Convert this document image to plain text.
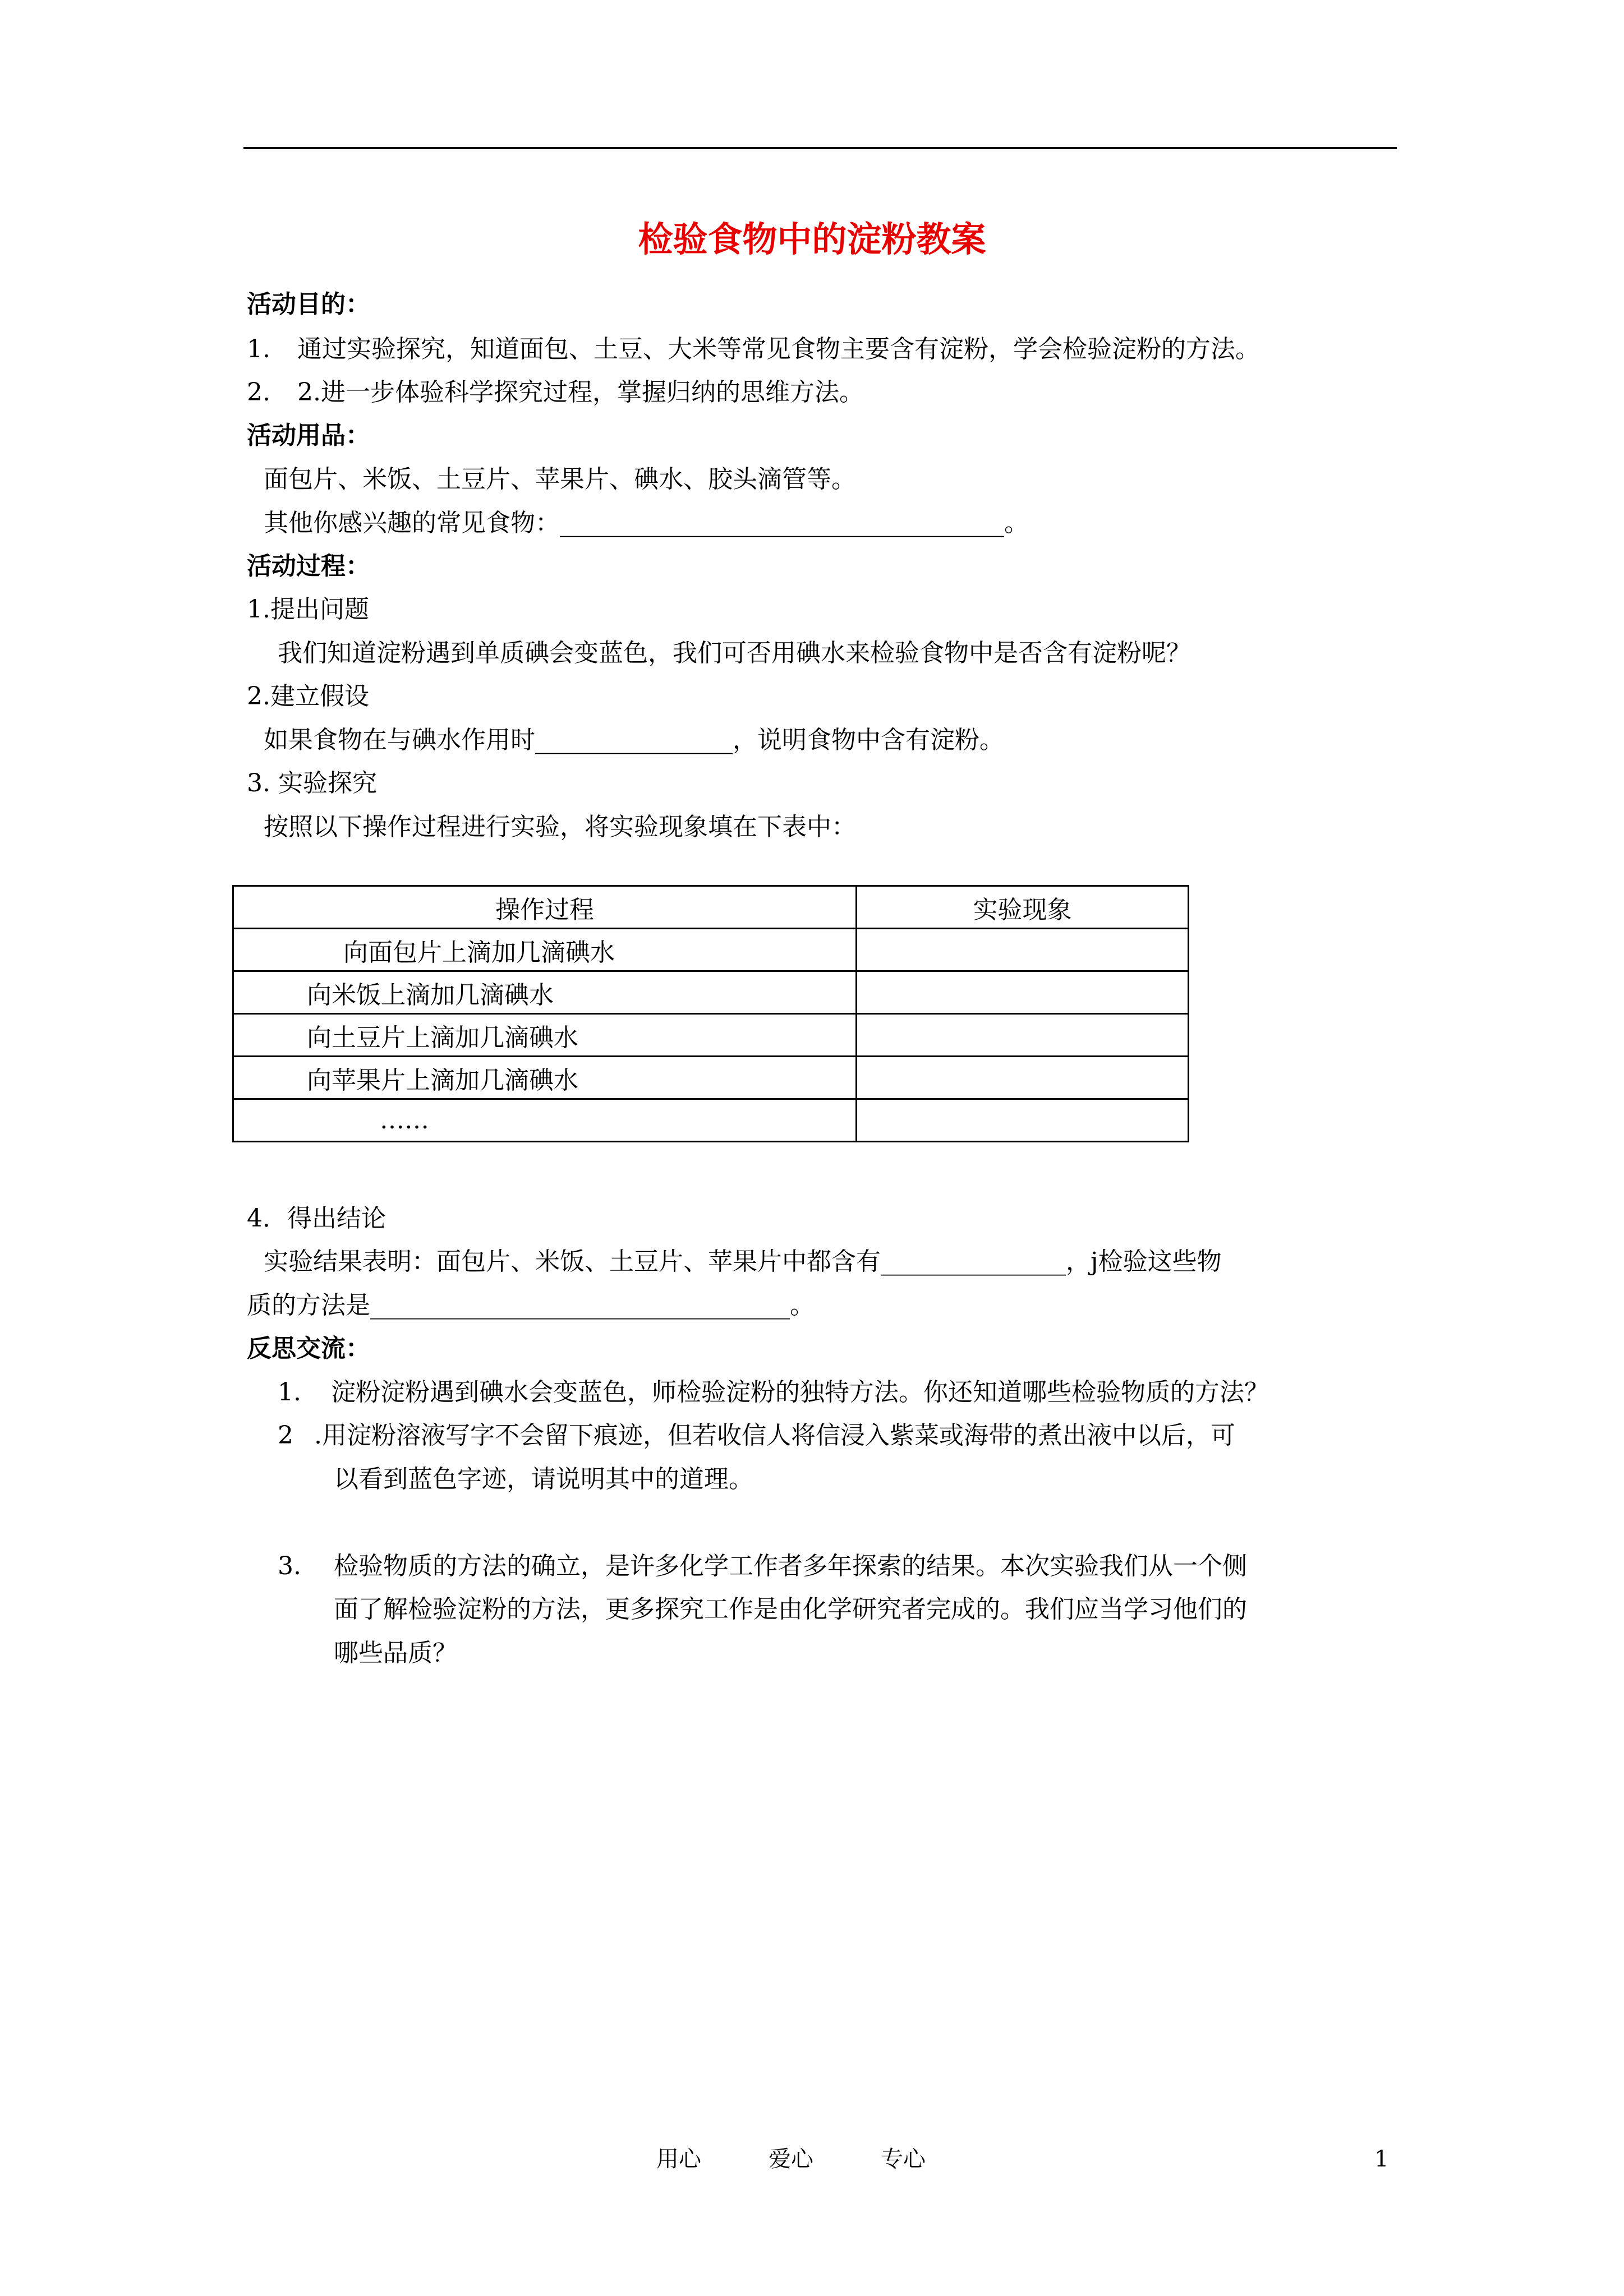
检验食物中的淀粉教案
活动目的：
1. 通过实验探究，知道面包、土豆、大米等常见食物主要含有淀粉，学会检验淀粉的方法。
2. 2.进一步体验科学探究过程，掌握归纳的思维方法。
活动用品：
面包片、米饭、土豆片、苹果片、碘水、胶头滴管等。
其他你感兴趣的常见食物：____________________________________。
活动过程：
1.提出问题
我们知道淀粉遇到单质碘会变蓝色，我们可否用碘水来检验食物中是否含有淀粉呢？
2.建立假设
如果食物在与碘水作用时________________，说明食物中含有淀粉。
3. 实验探究
按照以下操作过程进行实验，将实验现象填在下表中：
操作过程	实验现象
向面包片上滴加几滴碘水	
向米饭上滴加几滴碘水	
向土豆片上滴加几滴碘水	
向苹果片上滴加几滴碘水	
……	
4．得出结论
实验结果表明：面包片、米饭、土豆片、苹果片中都含有_______________，j检验这些物
质的方法是__________________________________。
反思交流：
1. 淀粉淀粉遇到碘水会变蓝色，师检验淀粉的独特方法。你还知道哪些检验物质的方法？
2 .用淀粉溶液写字不会留下痕迹，但若收信人将信浸入紫菜或海带的煮出液中以后，可
以看到蓝色字迹，请说明其中的道理。
3. 检验物质的方法的确立，是许多化学工作者多年探索的结果。本次实验我们从一个侧
面了解检验淀粉的方法，更多探究工作是由化学研究者完成的。我们应当学习他们的
哪些品质？
用心	爱心	专心	1
